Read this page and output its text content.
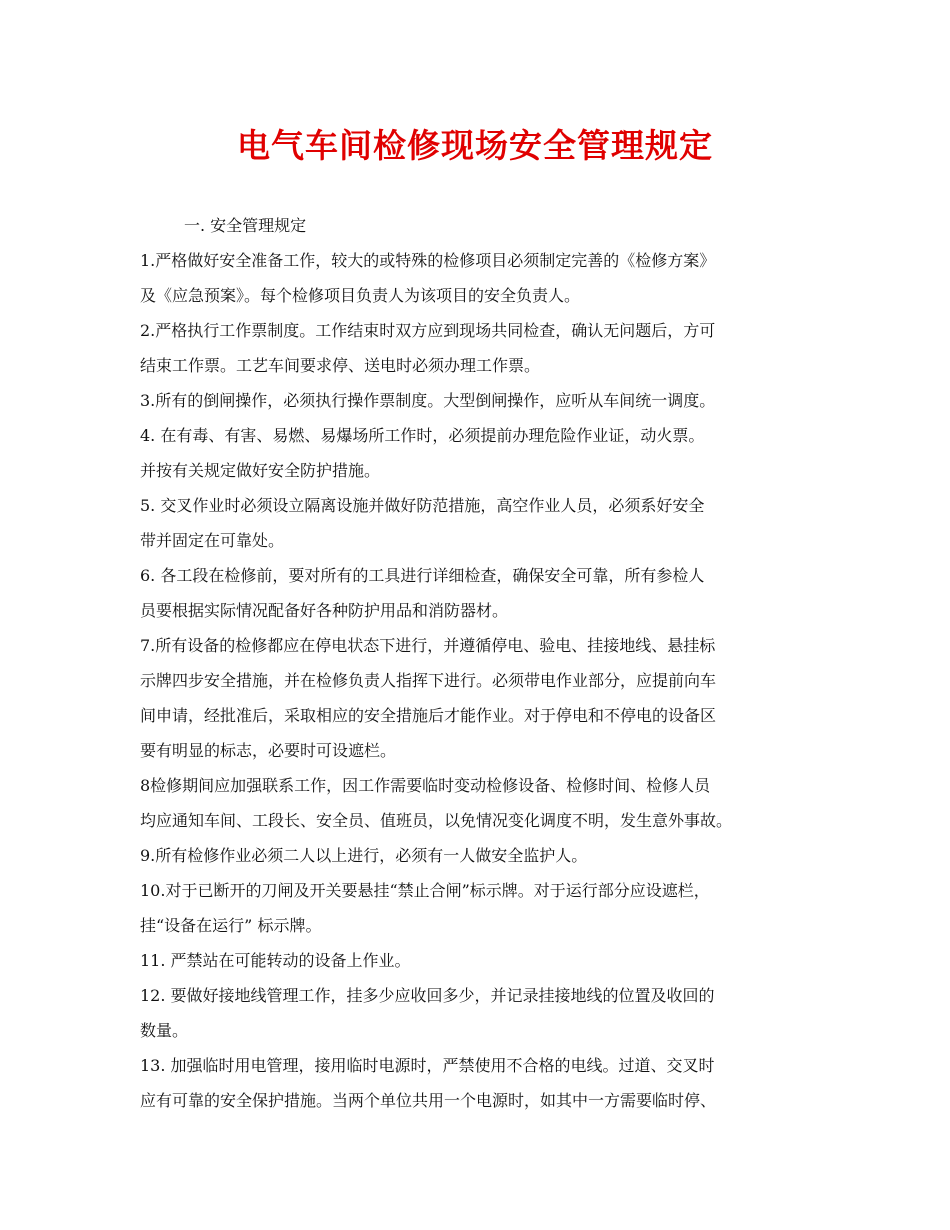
电气车间检修现场安全管理规定
一. 安全管理规定
1.严格做好安全准备工作，较大的或特殊的检修项目必须制定完善的《检修方案》
及《应急预案》。每个检修项目负责人为该项目的安全负责人。
2.严格执行工作票制度。工作结束时双方应到现场共同检查，确认无问题后，方可
结束工作票。工艺车间要求停、送电时必须办理工作票。
3.所有的倒闸操作，必须执行操作票制度。大型倒闸操作，应听从车间统一调度。
4. 在有毒、有害、易燃、易爆场所工作时，必须提前办理危险作业证，动火票。
并按有关规定做好安全防护措施。
5. 交叉作业时必须设立隔离设施并做好防范措施，高空作业人员，必须系好安全
带并固定在可靠处。
6. 各工段在检修前，要对所有的工具进行详细检查，确保安全可靠，所有参检人
员要根据实际情况配备好各种防护用品和消防器材。
7.所有设备的检修都应在停电状态下进行，并遵循停电、验电、挂接地线、悬挂标
示牌四步安全措施，并在检修负责人指挥下进行。必须带电作业部分，应提前向车
间申请，经批准后，采取相应的安全措施后才能作业。对于停电和不停电的设备区
要有明显的标志，必要时可设遮栏。
8检修期间应加强联系工作，因工作需要临时变动检修设备、检修时间、检修人员
均应通知车间、工段长、安全员、值班员，以免情况变化调度不明，发生意外事故。
9.所有检修作业必须二人以上进行，必须有一人做安全监护人。
10.对于已断开的刀闸及开关要悬挂“禁止合闸”标示牌。对于运行部分应设遮栏，
挂“设备在运行” 标示牌。
11. 严禁站在可能转动的设备上作业。
12. 要做好接地线管理工作，挂多少应收回多少，并记录挂接地线的位置及收回的
数量。
13. 加强临时用电管理，接用临时电源时，严禁使用不合格的电线。过道、交叉时
应有可靠的安全保护措施。当两个单位共用一个电源时，如其中一方需要临时停、
